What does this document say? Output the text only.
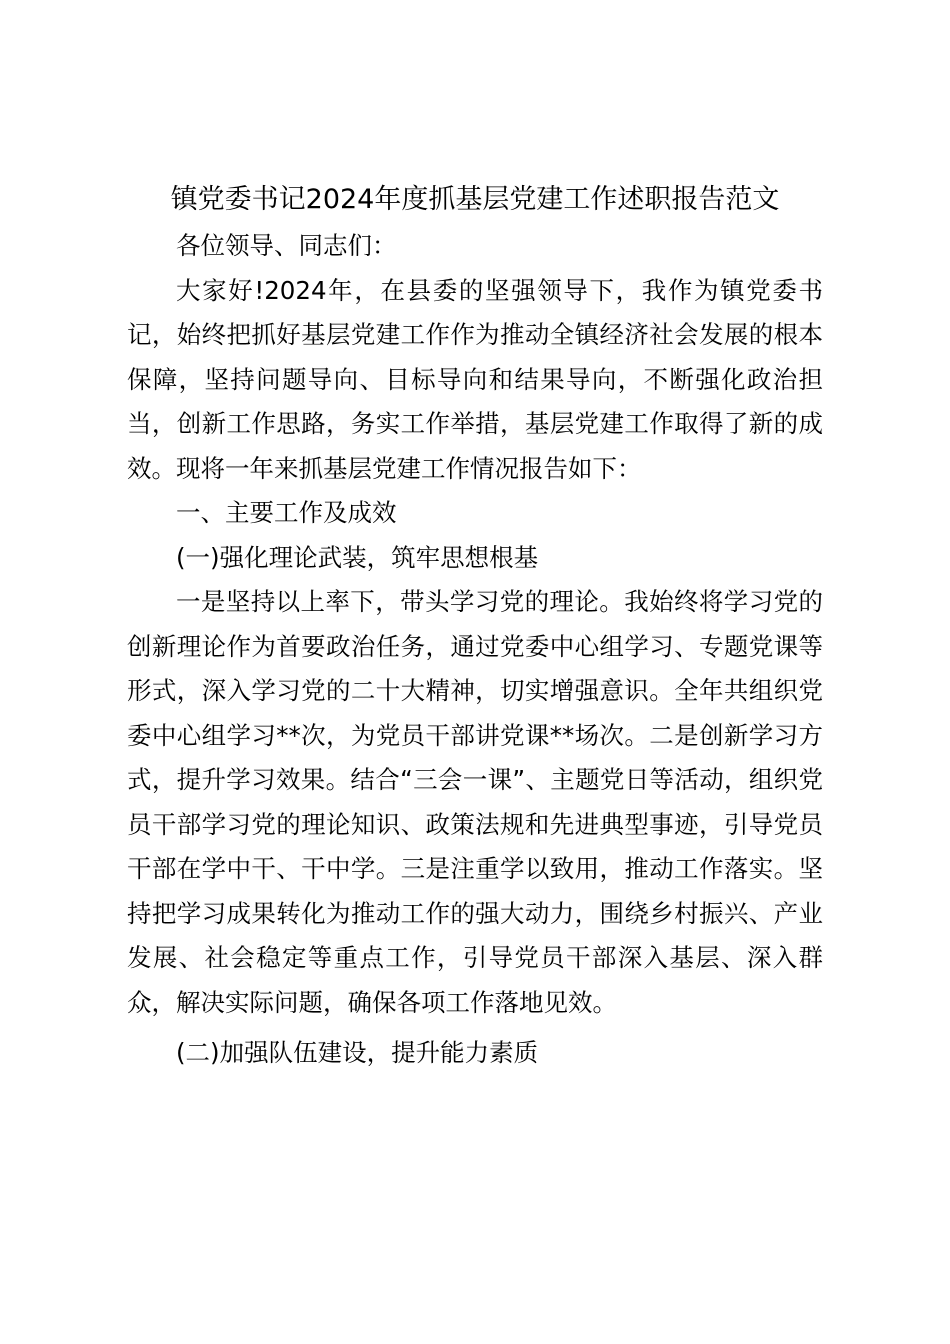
镇党委书记2024年度抓基层党建工作述职报告范文

各位领导、同志们：

大家好!2024年，在县委的坚强领导下，我作为镇党委书记，始终把抓好基层党建工作作为推动全镇经济社会发展的根本保障，坚持问题导向、目标导向和结果导向，不断强化政治担当，创新工作思路，务实工作举措，基层党建工作取得了新的成效。现将一年来抓基层党建工作情况报告如下：

一、主要工作及成效

(一)强化理论武装，筑牢思想根基

一是坚持以上率下，带头学习党的理论。我始终将学习党的创新理论作为首要政治任务，通过党委中心组学习、专题党课等形式，深入学习党的二十大精神，切实增强意识。全年共组织党委中心组学习**次，为党员干部讲党课**场次。二是创新学习方式，提升学习效果。结合“三会一课”、主题党日等活动，组织党员干部学习党的理论知识、政策法规和先进典型事迹，引导党员干部在学中干、干中学。三是注重学以致用，推动工作落实。坚持把学习成果转化为推动工作的强大动力，围绕乡村振兴、产业发展、社会稳定等重点工作，引导党员干部深入基层、深入群众，解决实际问题，确保各项工作落地见效。

(二)加强队伍建设，提升能力素质
